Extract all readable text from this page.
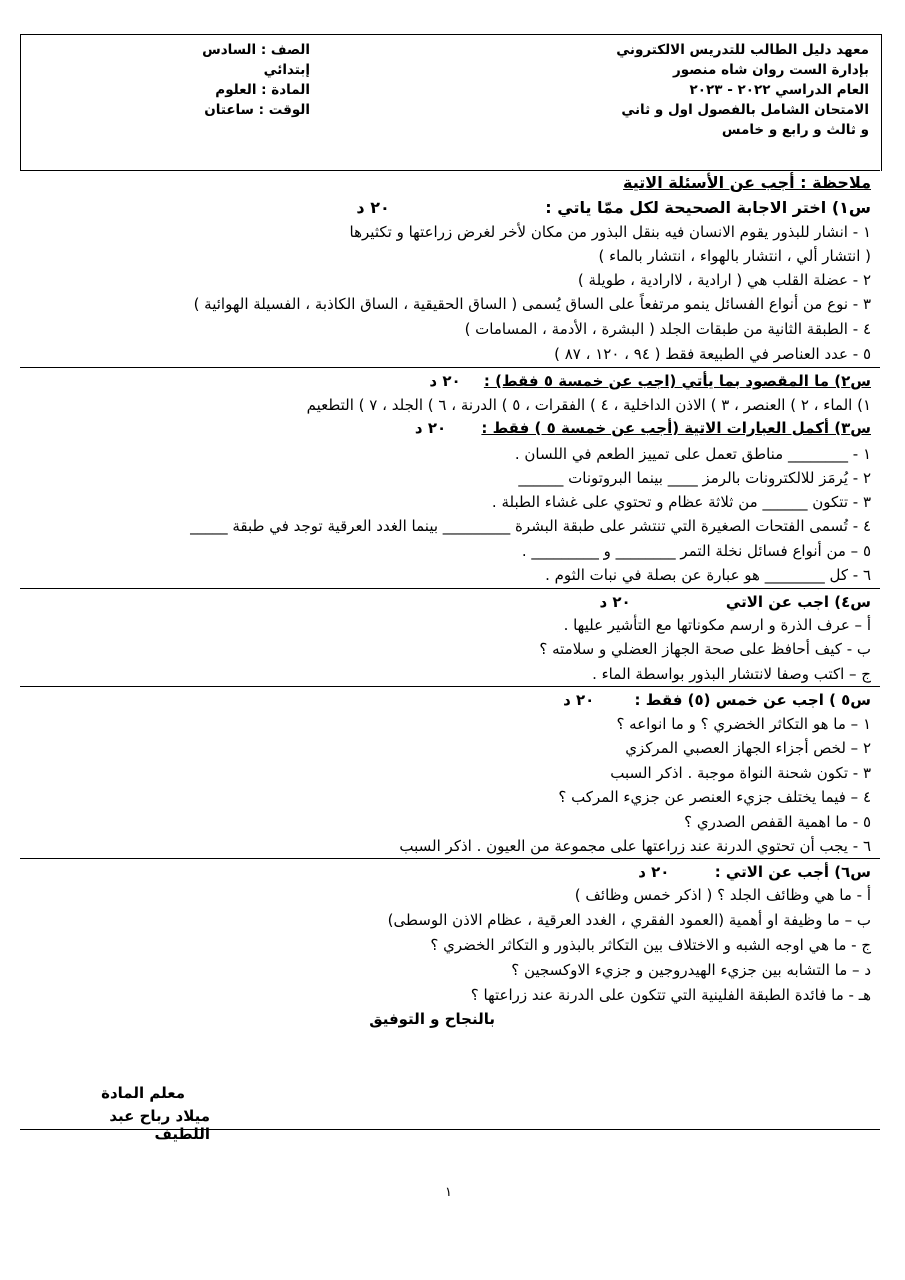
معهد دليل الطالب للتدريس الالكتروني
بإدارة الست روان شاه منصور
العام الدراسي ٢٠٢٢ - ٢٠٢٣
الامتحان الشامل بالفصول اول و ثاني
و ثالث و رابع و خامس
الصف : السادس إبتدائي
المادة : العلوم
الوقت : ساعتان
ملاحظة : أجب عن الأسئلة الاتية
س١) اختر الاجابة الصحيحة لكل ممّا ياتي : ٢٠ د
١ - انشار للبذور يقوم الانسان فيه بنقل البذور من مكان لأخر لغرض زراعتها و تكثيرها
( انتشار ألي ، انتشار بالهواء ، انتشار بالماء )
٢ - عضلة القلب هي ( ارادية ، لاارادية ، طويلة )
٣ - نوع من أنواع الفسائل ينمو مرتفعاً على الساق يُسمى ( الساق الحقيقية ، الساق الكاذبة ، الفسيلة الهوائية )
٤ - الطبقة الثانية من طبقات الجلد ( البشرة ، الأدمة ، المسامات )
٥ - عدد العناصر في الطبيعة فقط ( ٩٤ ، ١٢٠ ، ٨٧ )
س٢) ما المقصود بما يأتي (اجب عن خمسة ٥ فقط) : ٢٠ د
١) الماء ، ٢ ) العنصر ، ٣ ) الاذن الداخلية ، ٤ ) الفقرات ، ٥ ) الدرنة ، ٦ ) الجلد ، ٧ ) التطعيم
س٣) أكمل العبارات الاتية (أجب عن خمسة ٥ ) فقط : ٢٠ د
١ - ________ مناطق تعمل على تمييز الطعم في اللسان .
٢ - يُرمَز للالكترونات بالرمز ____ بينما البروتونات ______
٣ - تتكون ______ من ثلاثة عظام و تحتوي على غشاء الطبلة .
٤ - تُسمى الفتحات الصغيرة التي تنتشر على طبقة البشرة _________ بينما الغدد العرقية توجد في طبقة _____
٥ – من أنواع فسائل نخلة التمر ________ و _________ .
٦ - كل ________ هو عبارة عن بصلة في نبات الثوم .
س٤) اجب عن الاتي ٢٠ د
أ – عرف الذرة و ارسم مكوناتها مع التأشير عليها .
ب - كيف أحافظ على صحة الجهاز العضلي و سلامته ؟
ج – اكتب وصفا لانتشار البذور بواسطة الماء .
س٥ ) اجب عن خمس (٥) فقط : ٢٠ د
١ – ما هو التكاثر الخضري ؟ و ما انواعه ؟
٢ – لخص أجزاء الجهاز العصبي المركزي
٣ - تكون شحنة النواة موجبة . اذكر السبب
٤ – فيما يختلف جزيء العنصر عن جزيء المركب ؟
٥ - ما اهمية القفص الصدري ؟
٦ - يجب أن تحتوي الدرنة عند زراعتها على مجموعة من العيون . اذكر السبب
س٦) أجب عن الاتي : ٢٠ د
أ - ما هي وظائف الجلد ؟ ( اذكر خمس وظائف )
ب – ما وظيفة او أهمية (العمود الفقري ، الغدد العرقية ، عظام الاذن الوسطى)
ج - ما هي اوجه الشبه و الاختلاف بين التكاثر بالبذور و التكاثر الخضري ؟
د – ما التشابه بين جزيء الهيدروجين و جزيء الاوكسجين ؟
هـ - ما فائدة الطبقة الفلينية التي تتكون على الدرنة عند زراعتها ؟
بالنجاح و التوفيق
معلم المادة
ميلاد رباح عبد اللطيف
١
